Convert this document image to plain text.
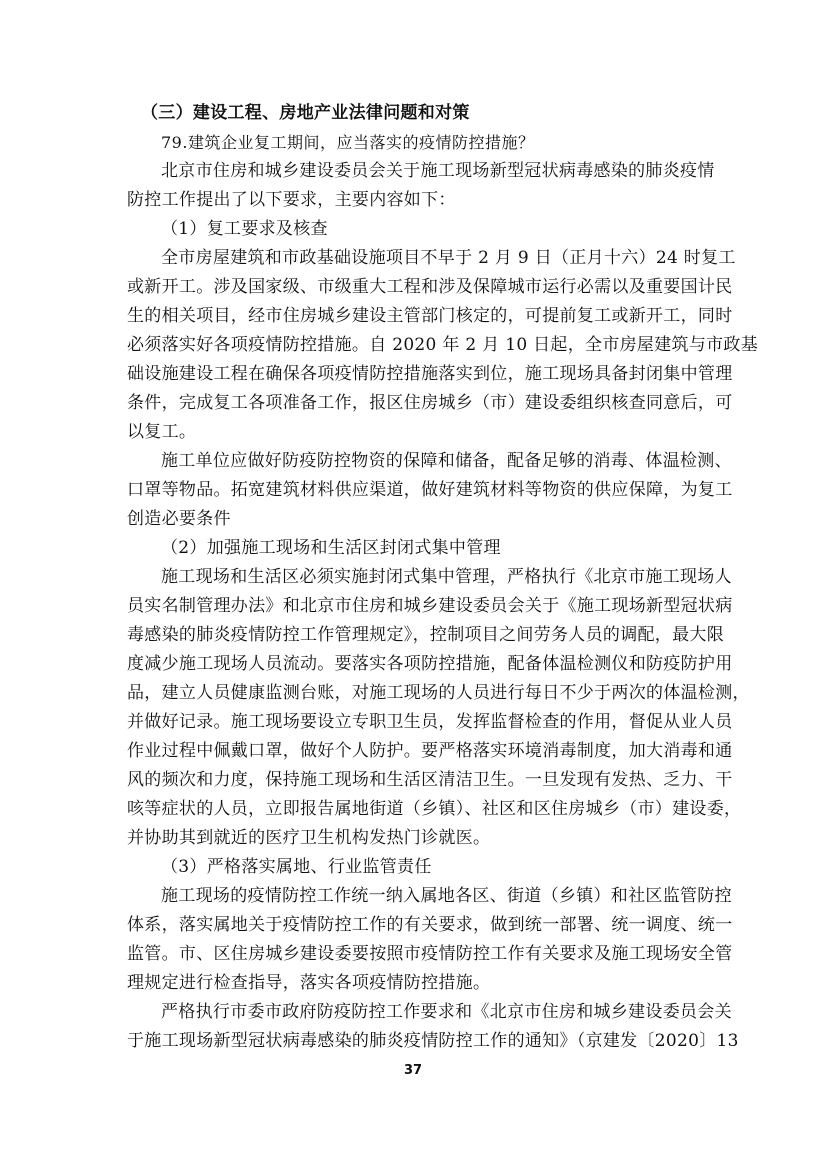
（三）建设工程、房地产业法律问题和对策
79.建筑企业复工期间，应当落实的疫情防控措施？
北京市住房和城乡建设委员会关于施工现场新型冠状病毒感染的肺炎疫情
防控工作提出了以下要求，主要内容如下：
（1）复工要求及核查
全市房屋建筑和市政基础设施项目不早于 2 月 9 日（正月十六）24 时复工
或新开工。涉及国家级、市级重大工程和涉及保障城市运行必需以及重要国计民
生的相关项目，经市住房城乡建设主管部门核定的，可提前复工或新开工，同时
必须落实好各项疫情防控措施。自 2020 年 2 月 10 日起，全市房屋建筑与市政基
础设施建设工程在确保各项疫情防控措施落实到位，施工现场具备封闭集中管理
条件，完成复工各项准备工作，报区住房城乡（市）建设委组织核查同意后，可
以复工。
施工单位应做好防疫防控物资的保障和储备，配备足够的消毒、体温检测、
口罩等物品。拓宽建筑材料供应渠道，做好建筑材料等物资的供应保障，为复工
创造必要条件
（2）加强施工现场和生活区封闭式集中管理
施工现场和生活区必须实施封闭式集中管理，严格执行《北京市施工现场人
员实名制管理办法》和北京市住房和城乡建设委员会关于《施工现场新型冠状病
毒感染的肺炎疫情防控工作管理规定》，控制项目之间劳务人员的调配，最大限
度减少施工现场人员流动。要落实各项防控措施，配备体温检测仪和防疫防护用
品，建立人员健康监测台账，对施工现场的人员进行每日不少于两次的体温检测，
并做好记录。施工现场要设立专职卫生员，发挥监督检查的作用，督促从业人员
作业过程中佩戴口罩，做好个人防护。要严格落实环境消毒制度，加大消毒和通
风的频次和力度，保持施工现场和生活区清洁卫生。一旦发现有发热、乏力、干
咳等症状的人员，立即报告属地街道（乡镇）、社区和区住房城乡（市）建设委，
并协助其到就近的医疗卫生机构发热门诊就医。
（3）严格落实属地、行业监管责任
施工现场的疫情防控工作统一纳入属地各区、街道（乡镇）和社区监管防控
体系，落实属地关于疫情防控工作的有关要求，做到统一部署、统一调度、统一
监管。市、区住房城乡建设委要按照市疫情防控工作有关要求及施工现场安全管
理规定进行检查指导，落实各项疫情防控措施。
严格执行市委市政府防疫防控工作要求和《北京市住房和城乡建设委员会关
于施工现场新型冠状病毒感染的肺炎疫情防控工作的通知》（京建发〔2020〕13
37
